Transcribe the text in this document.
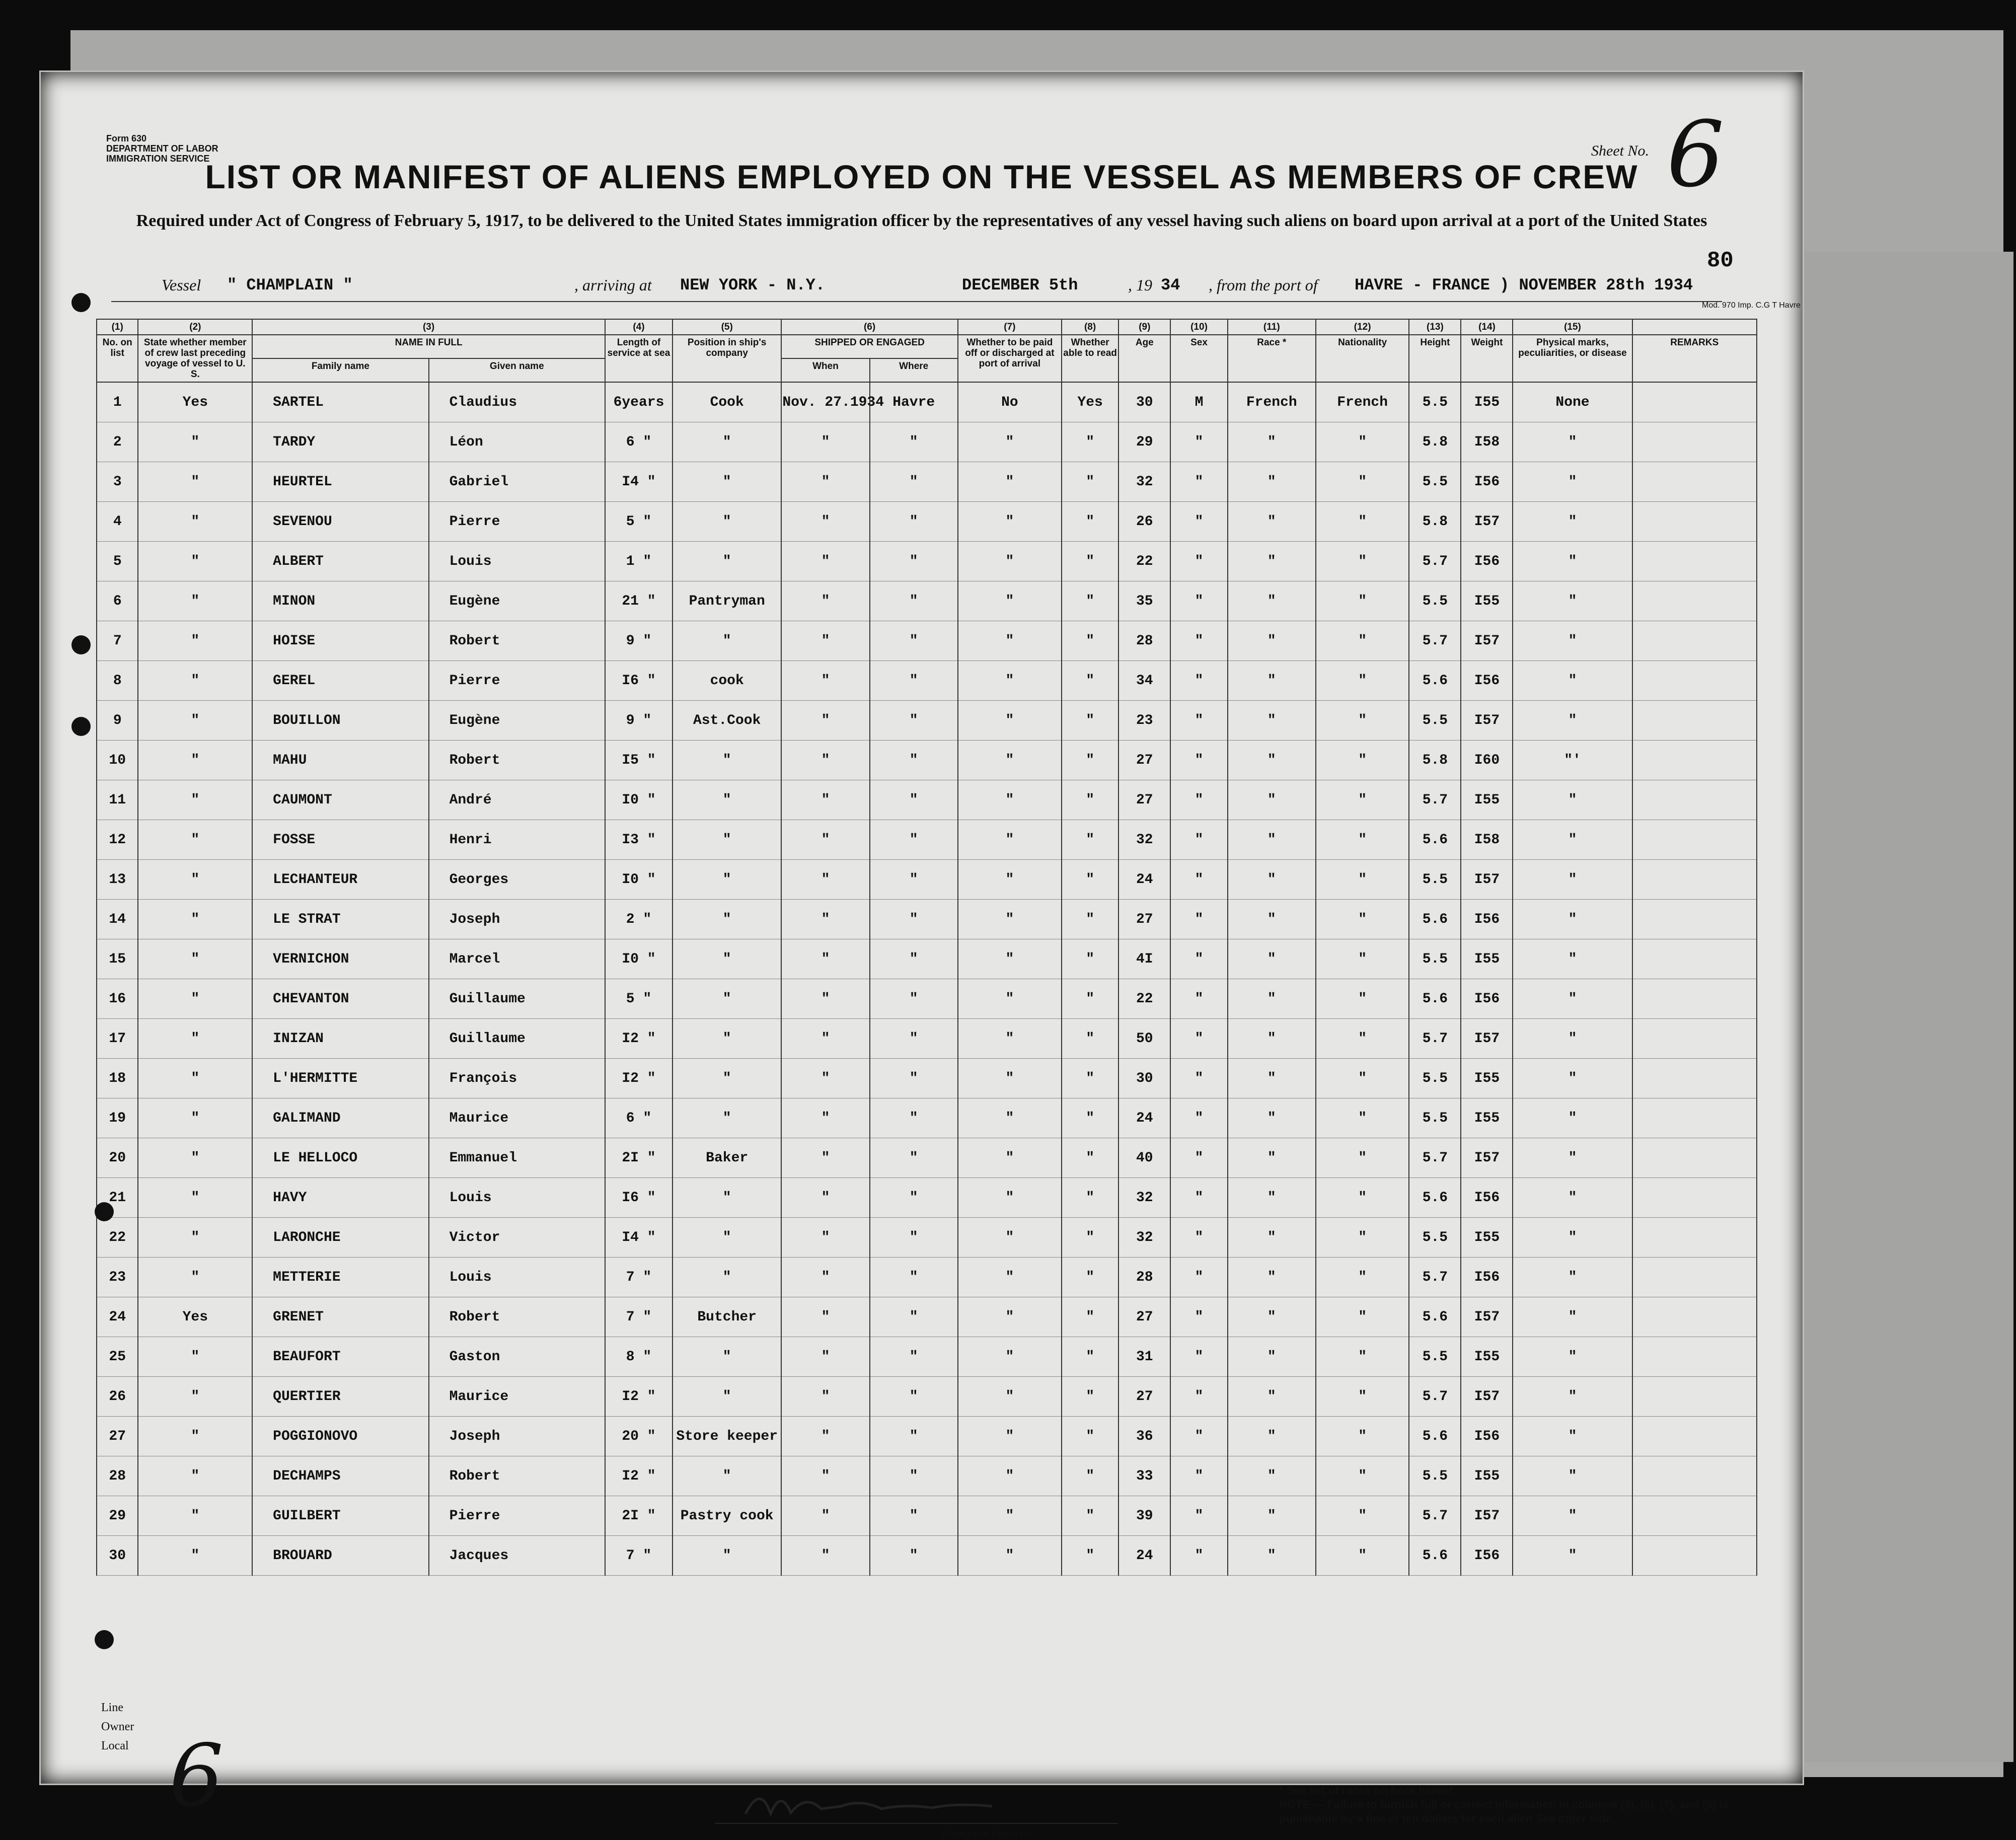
Form 630
DEPARTMENT OF LABOR
IMMIGRATION SERVICE	Sheet No. 6
80
LIST OR MANIFEST OF ALIENS EMPLOYED ON THE VESSEL AS MEMBERS OF CREW
Required under Act of Congress of February 5, 1917, to be delivered to the United States immigration officer by the representatives of any vessel having such aliens on board upon arrival at a port of the United States
Vessel " CHAMPLAIN "	, arriving at NEW YORK - N.Y.	DECEMBER 5th	, 19 34 , from the port of HAVRE - FRANCE ) NOVEMBER 28th 1934
Mod. 970 Imp. C.G T Havre
(1)	(2)	(3)		(4)	(5)	(6)		(7)	(8)	(9)	(10)	(11)	(12)	(13)	(14)	(15)	
No. on list	State whether member of crew last preceding voyage of vessel to U. S.	NAME IN FULL		Length of service at sea	Position in ship's company	SHIPPED OR ENGAGED		Whether to be paid off or discharged at port of arrival	Whether able to read	Age	Sex	Race *	Nationality	Height	Weight	Physical marks, peculiarities, or disease	REMARKS
		Family name	Given name			When	Where										
1	Yes	SARTEL	Claudius	6years	Cook	Nov. 27.1934	Havre	No	Yes	30	M	French	French	5.5	I55	None	
2	"	TARDY	Léon	6 "	"	"	"	"	"	29	"	"	"	5.8	I58	"	
3	"	HEURTEL	Gabriel	I4 "	"	"	"	"	"	32	"	"	"	5.5	I56	"	
4	"	SEVENOU	Pierre	5 "	"	"	"	"	"	26	"	"	"	5.8	I57	"	
5	"	ALBERT	Louis	1 "	"	"	"	"	"	22	"	"	"	5.7	I56	"	
6	"	MINON	Eugène	21 "	Pantryman	"	"	"	"	35	"	"	"	5.5	I55	"	
7	"	HOISE	Robert	9 "	"	"	"	"	"	28	"	"	"	5.7	I57	"	
8	"	GEREL	Pierre	I6 "	cook	"	"	"	"	34	"	"	"	5.6	I56	"	
9	"	BOUILLON	Eugène	9 "	Ast.Cook	"	"	"	"	23	"	"	"	5.5	I57	"	
10	"	MAHU	Robert	I5 "	"	"	"	"	"	27	"	"	"	5.8	I60	"'	
11	"	CAUMONT	André	I0 "	"	"	"	"	"	27	"	"	"	5.7	I55	"	
12	"	FOSSE	Henri	I3 "	"	"	"	"	"	32	"	"	"	5.6	I58	"	
13	"	LECHANTEUR	Georges	I0 "	"	"	"	"	"	24	"	"	"	5.5	I57	"	
14	"	LE STRAT	Joseph	2 "	"	"	"	"	"	27	"	"	"	5.6	I56	"	
15	"	VERNICHON	Marcel	I0 "	"	"	"	"	"	4I	"	"	"	5.5	I55	"	
16	"	CHEVANTON	Guillaume	5 "	"	"	"	"	"	22	"	"	"	5.6	I56	"	
17	"	INIZAN	Guillaume	I2 "	"	"	"	"	"	50	"	"	"	5.7	I57	"	
18	"	L'HERMITTE	François	I2 "	"	"	"	"	"	30	"	"	"	5.5	I55	"	
19	"	GALIMAND	Maurice	6 "	"	"	"	"	"	24	"	"	"	5.5	I55	"	
20	"	LE HELLOCO	Emmanuel	2I "	Baker	"	"	"	"	40	"	"	"	5.7	I57	"	
21	"	HAVY	Louis	I6 "	"	"	"	"	"	32	"	"	"	5.6	I56	"	
22	"	LARONCHE	Victor	I4 "	"	"	"	"	"	32	"	"	"	5.5	I55	"	
23	"	METTERIE	Louis	7 "	"	"	"	"	"	28	"	"	"	5.7	I56	"	
24	Yes	GRENET	Robert	7 "	Butcher	"	"	"	"	27	"	"	"	5.6	I57	"	
25	"	BEAUFORT	Gaston	8 "	"	"	"	"	"	31	"	"	"	5.5	I55	"	
26	"	QUERTIER	Maurice	I2 "	"	"	"	"	"	27	"	"	"	5.7	I57	"	
27	"	POGGIONOVO	Joseph	20 "	Store keeper	"	"	"	"	36	"	"	"	5.6	I56	"	
28	"	DECHAMPS	Robert	I2 "	"	"	"	"	"	33	"	"	"	5.5	I55	"	
29	"	GUILBERT	Pierre	2I "	Pastry cook	"	"	"	"	39	"	"	"	5.7	I57	"	
30	"	BROUARD	Jacques	7 "	"	"	"	"	"	24	"	"	"	5.6	I56	"	
Line
Owner
Local 6
Immigrant Inspector.
* See list of races on back hereof.
NOTE.— Failure to furnish full or correct information in columns (3), (6), (7), and (8) is punishable by a fine of ten dollars for each alien See other side.
